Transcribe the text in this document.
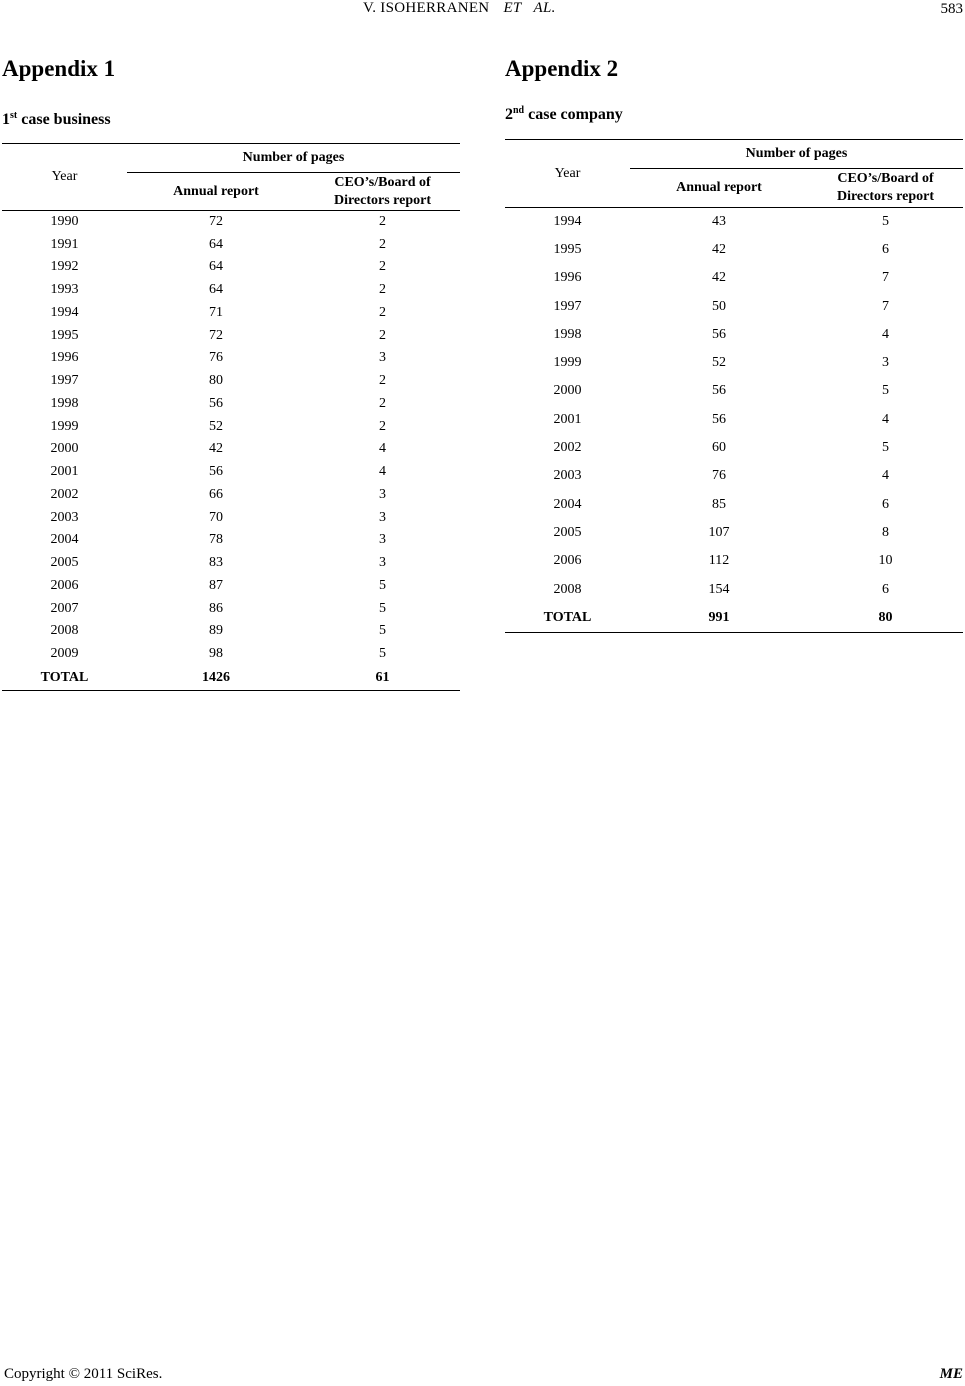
V. ISOHERRANEN ET AL.	583
Appendix 1

1st case business

Year	Number of pages	
	Annual report	CEO’s/Board of
Directors report
1990	72	2
1991	64	2
1992	64	2
1993	64	2
1994	71	2
1995	72	2
1996	76	3
1997	80	2
1998	56	2
1999	52	2
2000	42	4
2001	56	4
2002	66	3
2003	70	3
2004	78	3
2005	83	3
2006	87	5
2007	86	5
2008	89	5
2009	98	5
TOTAL	1426	61
Appendix 2

2nd case company

Year	Number of pages	
	Annual report	CEO’s/Board of
Directors report
1994	43	5
1995	42	6
1996	42	7
1997	50	7
1998	56	4
1999	52	3
2000	56	5
2001	56	4
2002	60	5
2003	76	4
2004	85	6
2005	107	8
2006	112	10
2008	154	6
TOTAL	991	80
Copyright © 2011 SciRes.	ME
